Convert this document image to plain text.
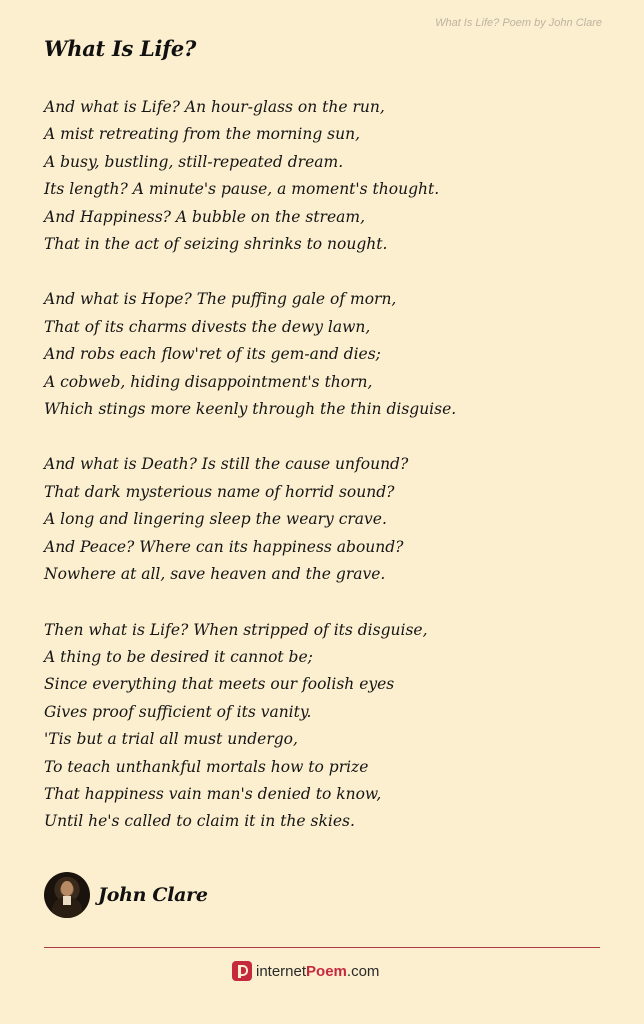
What Is Life? Poem by John Clare

What Is Life?
And what is Life? An hour-glass on the run,
A mist retreating from the morning sun,
A busy, bustling, still-repeated dream.
Its length? A minute's pause, a moment's thought.
And Happiness? A bubble on the stream,
That in the act of seizing shrinks to nought.
And what is Hope? The puffing gale of morn,
That of its charms divests the dewy lawn,
And robs each flow'ret of its gem-and dies;
A cobweb, hiding disappointment's thorn,
Which stings more keenly through the thin disguise.
And what is Death? Is still the cause unfound?
That dark mysterious name of horrid sound?
A long and lingering sleep the weary crave.
And Peace? Where can its happiness abound?
Nowhere at all, save heaven and the grave.
Then what is Life? When stripped of its disguise,
A thing to be desired it cannot be;
Since everything that meets our foolish eyes
Gives proof sufficient of its vanity.
'Tis but a trial all must undergo,
To teach unthankful mortals how to prize
That happiness vain man's denied to know,
Until he's called to claim it in the skies.
John Clare
internetPoem.com
